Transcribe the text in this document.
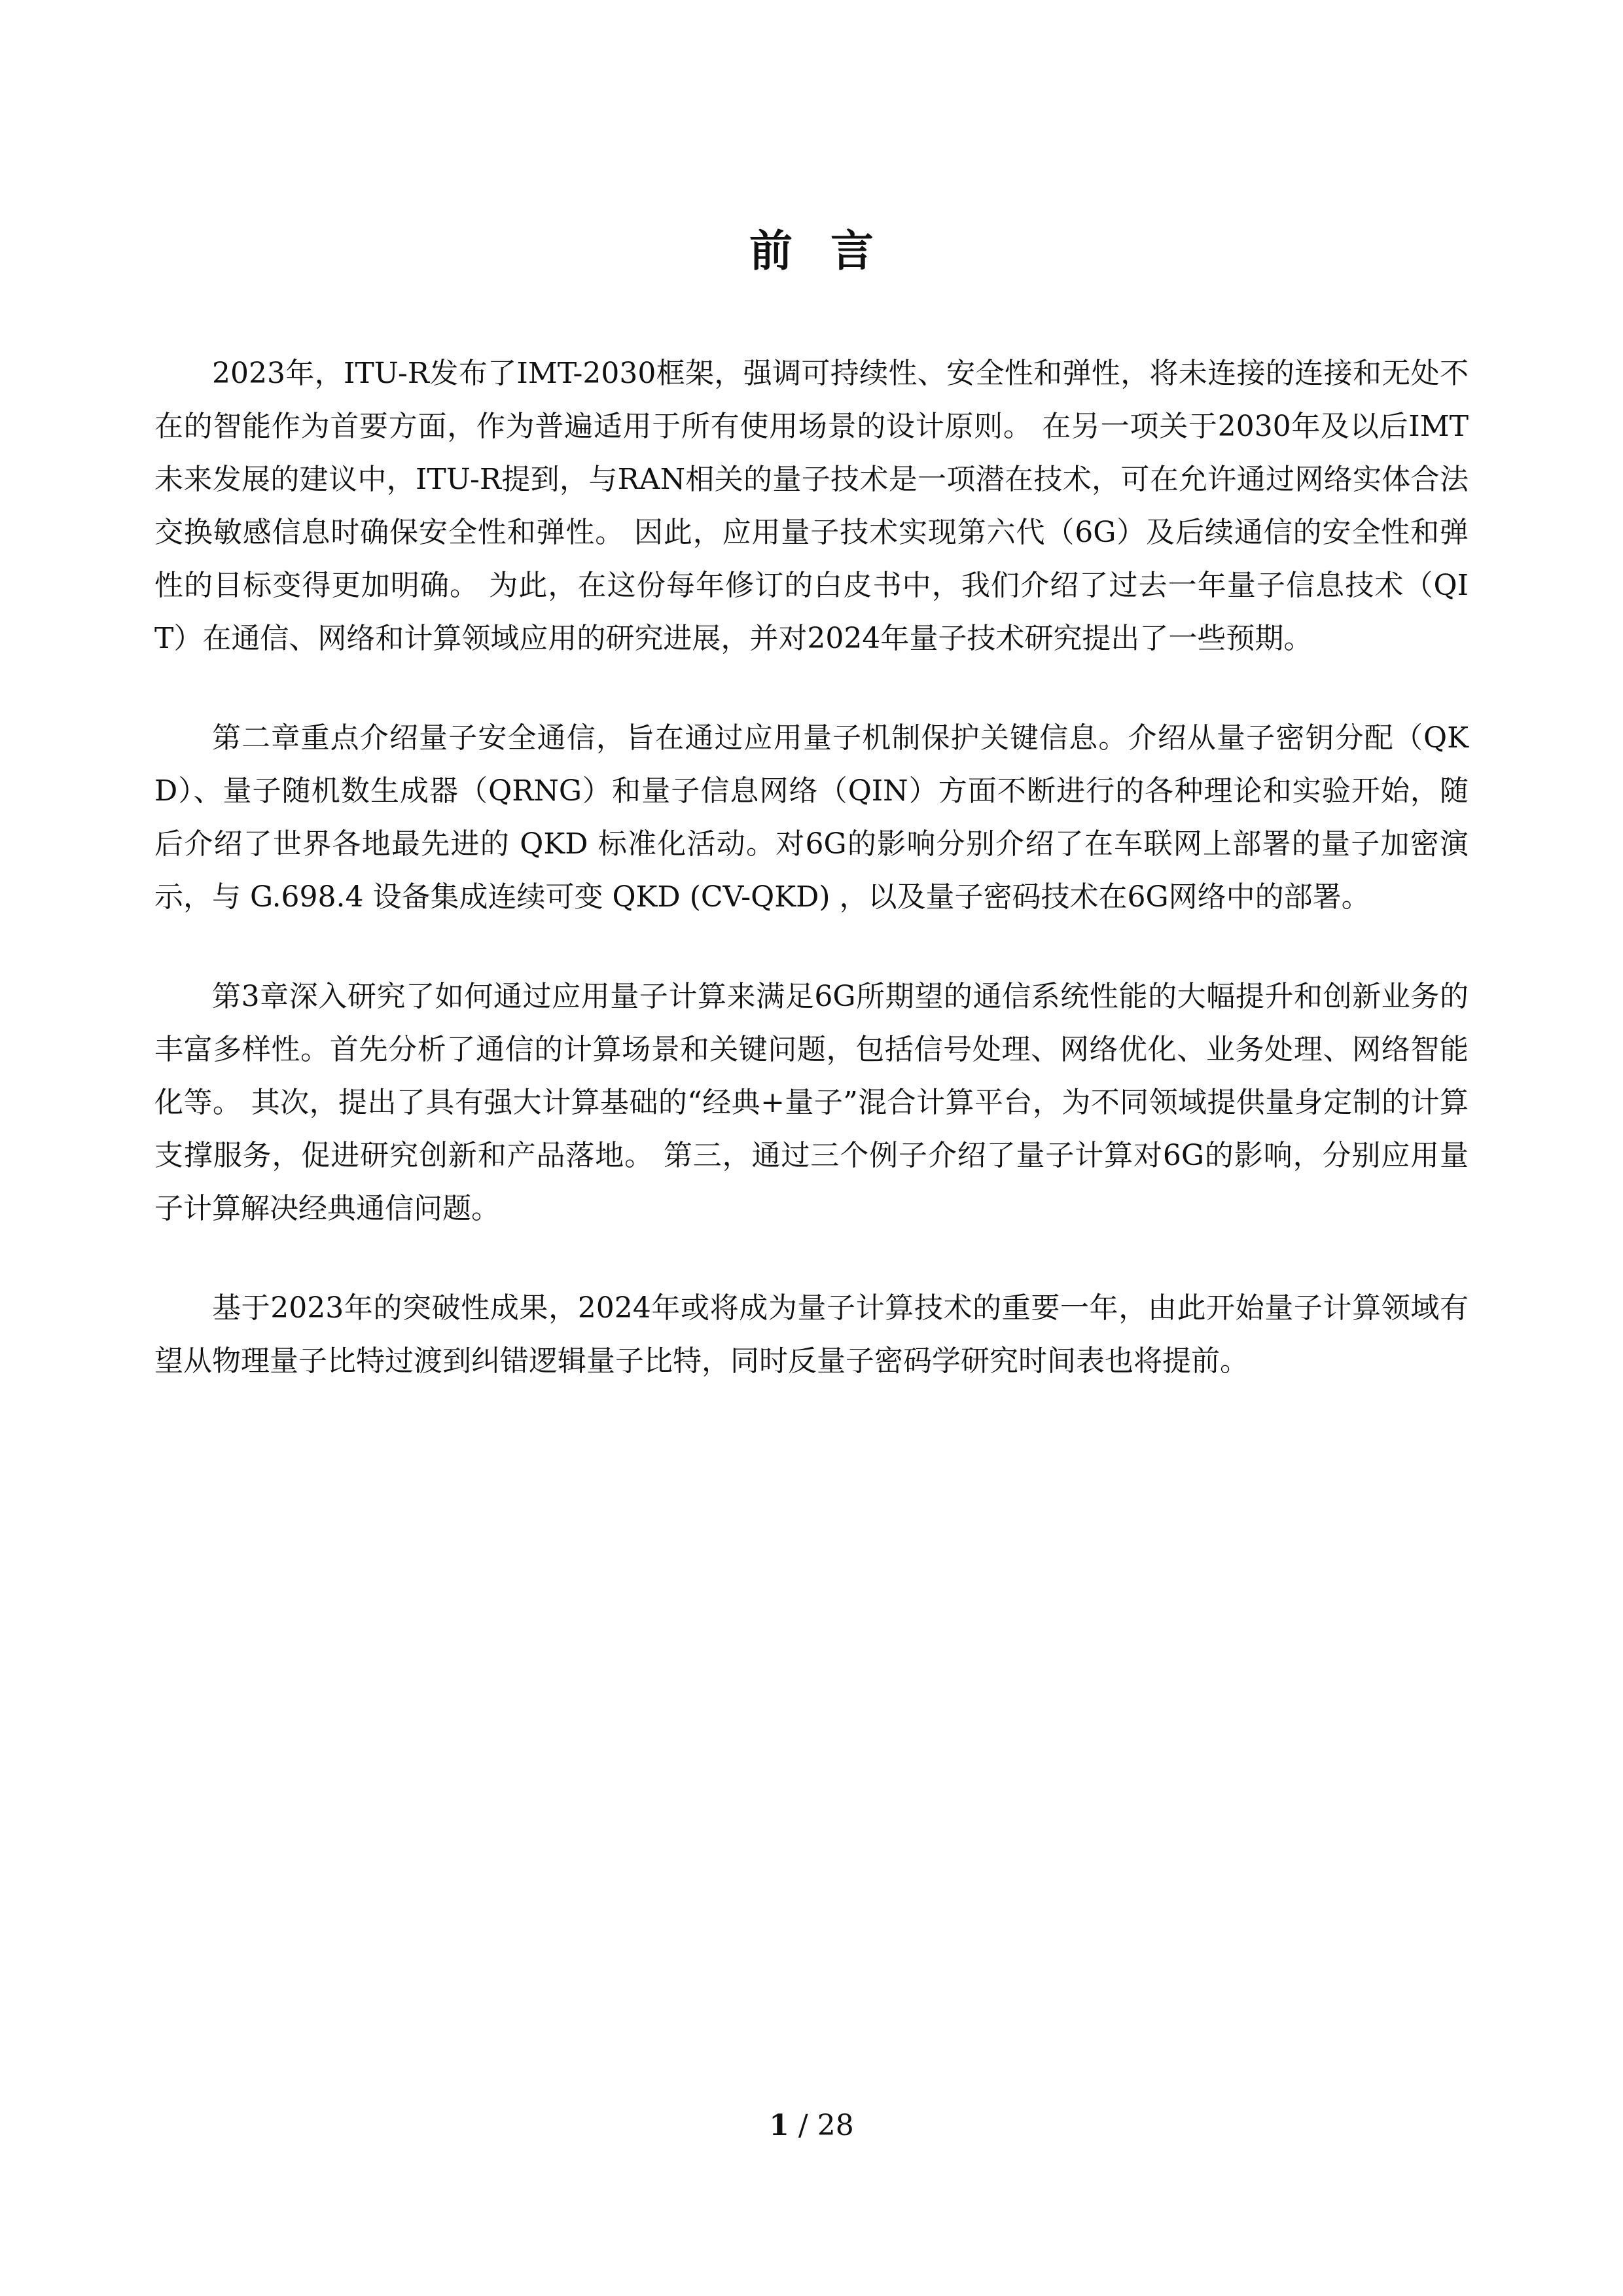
前言

2023年，ITU-R发布了IMT-2030框架，强调可持续性、安全性和弹性，将未连接的连接和无处不在的智能作为首要方面，作为普遍适用于所有使用场景的设计原则。 在另一项关于2030年及以后IMT未来发展的建议中，ITU-R提到，与RAN相关的量子技术是一项潜在技术，可在允许通过网络实体合法交换敏感信息时确保安全性和弹性。 因此，应用量子技术实现第六代（6G）及后续通信的安全性和弹性的目标变得更加明确。 为此，在这份每年修订的白皮书中，我们介绍了过去一年量子信息技术（QIT）在通信、网络和计算领域应用的研究进展，并对2024年量子技术研究提出了一些预期。

第二章重点介绍量子安全通信，旨在通过应用量子机制保护关键信息。介绍从量子密钥分配（QKD）、量子随机数生成器（QRNG）和量子信息网络（QIN）方面不断进行的各种理论和实验开始，随后介绍了世界各地最先进的 QKD 标准化活动。对6G的影响分别介绍了在车联网上部署的量子加密演示，与 G.698.4 设备集成连续可变 QKD (CV-QKD) ，以及量子密码技术在6G网络中的部署。

第3章深入研究了如何通过应用量子计算来满足6G所期望的通信系统性能的大幅提升和创新业务的丰富多样性。首先分析了通信的计算场景和关键问题，包括信号处理、网络优化、业务处理、网络智能化等。 其次，提出了具有强大计算基础的“经典+量子”混合计算平台，为不同领域提供量身定制的计算支撑服务，促进研究创新和产品落地。 第三，通过三个例子介绍了量子计算对6G的影响，分别应用量子计算解决经典通信问题。

基于2023年的突破性成果，2024年或将成为量子计算技术的重要一年，由此开始量子计算领域有望从物理量子比特过渡到纠错逻辑量子比特，同时反量子密码学研究时间表也将提前。

1 / 28
